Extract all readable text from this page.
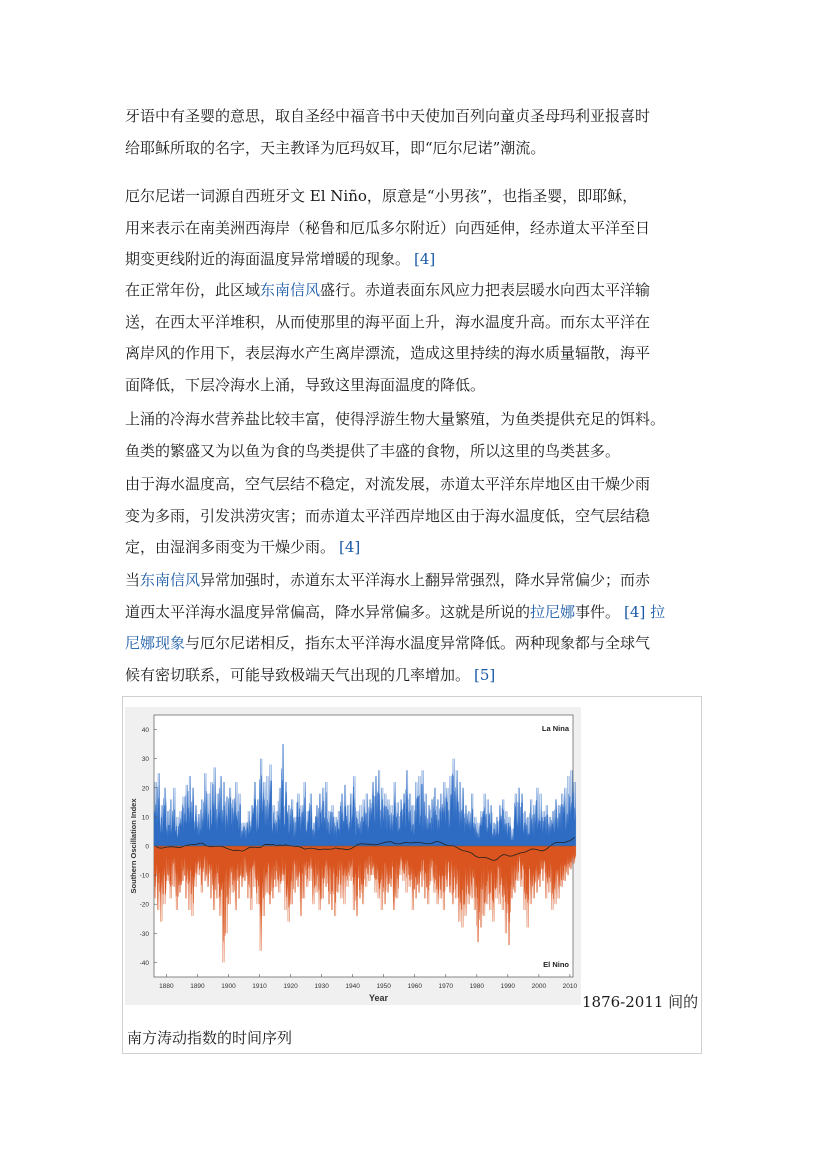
牙语中有圣婴的意思，取自圣经中福音书中天使加百列向童贞圣母玛利亚报喜时
给耶稣所取的名字，天主教译为厄玛奴耳，即“厄尔尼诺”潮流。
厄尔尼诺一词源自西班牙文 El Niño，原意是“小男孩”，也指圣婴，即耶稣，
用来表示在南美洲西海岸（秘鲁和厄瓜多尔附近）向西延伸，经赤道太平洋至日
期变更线附近的海面温度异常增暖的现象。 [4]
在正常年份，此区域东南信风盛行。赤道表面东风应力把表层暖水向西太平洋输
送，在西太平洋堆积，从而使那里的海平面上升，海水温度升高。而东太平洋在
离岸风的作用下，表层海水产生离岸漂流，造成这里持续的海水质量辐散，海平
面降低，下层冷海水上涌，导致这里海面温度的降低。
上涌的冷海水营养盐比较丰富，使得浮游生物大量繁殖，为鱼类提供充足的饵料。
鱼类的繁盛又为以鱼为食的鸟类提供了丰盛的食物，所以这里的鸟类甚多。
由于海水温度高，空气层结不稳定，对流发展，赤道太平洋东岸地区由干燥少雨
变为多雨，引发洪涝灾害；而赤道太平洋西岸地区由于海水温度低，空气层结稳
定，由湿润多雨变为干燥少雨。 [4]
当东南信风异常加强时，赤道东太平洋海水上翻异常强烈，降水异常偏少；而赤
道西太平洋海水温度异常偏高，降水异常偏多。这就是所说的拉尼娜事件。 [4] 拉
尼娜现象与厄尔尼诺相反，指东太平洋海水温度异常降低。两种现象都与全球气
候有密切联系，可能导致极端天气出现的几率增加。 [5]
40
30
20
10
0
-10
-20
-30
-40
1880	1890	1900	1910	1920	1930	1940	1950	1960	1970	1980	1990	2000	2010
Year
Southern Oscillation Index
La Nina
El Nino
1876-2011 间的
南方涛动指数的时间序列
